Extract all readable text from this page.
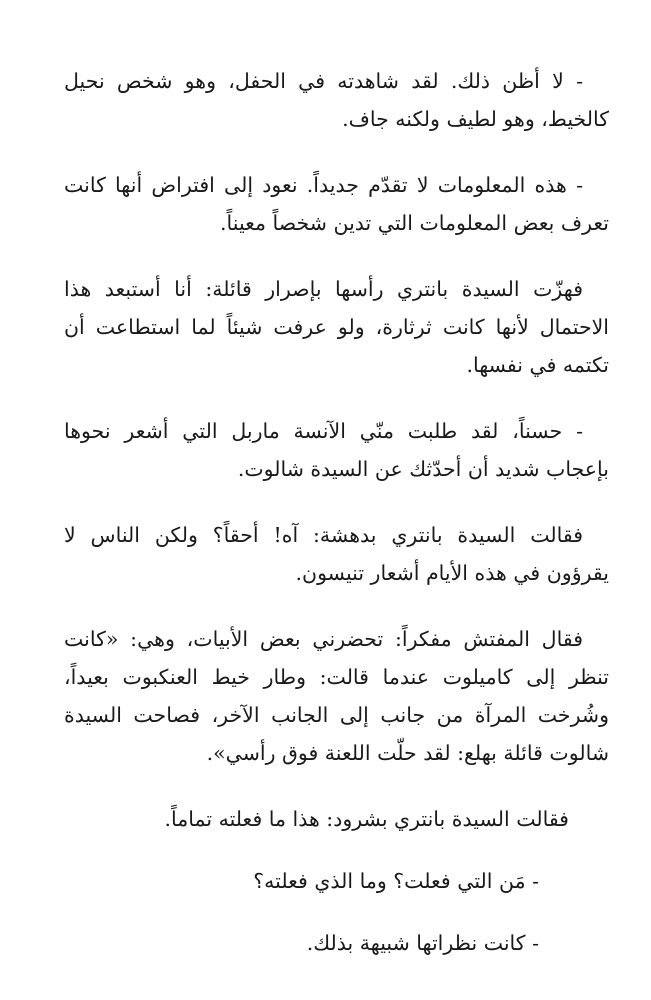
- لا أظن ذلك. لقد شاهدته في الحفل، وهو شخص نحيل كالخيط، وهو لطيف ولكنه جاف.

- هذه المعلومات لا تقدّم جديداً. نعود إلى افتراض أنها كانت تعرف بعض المعلومات التي تدين شخصاً معيناً.

فهزّت السيدة بانتري رأسها بإصرار قائلة: أنا أستبعد هذا الاحتمال لأنها كانت ثرثارة، ولو عرفت شيئاً لما استطاعت أن تكتمه في نفسها.

- حسناً، لقد طلبت منّي الآنسة ماربل التي أشعر نحوها بإعجاب شديد أن أحدّثك عن السيدة شالوت.

فقالت السيدة بانتري بدهشة: آه! أحقاً؟ ولكن الناس لا يقرؤون في هذه الأيام أشعار تنيسون.

فقال المفتش مفكراً: تحضرني بعض الأبيات، وهي: «كانت تنظر إلى كاميلوت عندما قالت: وطار خيط العنكبوت بعيداً، وشُرخت المرآة من جانب إلى الجانب الآخر، فصاحت السيدة شالوت قائلة بهلع: لقد حلّت اللعنة فوق رأسي».

فقالت السيدة بانتري بشرود: هذا ما فعلته تماماً.

- مَن التي فعلت؟ وما الذي فعلته؟

- كانت نظراتها شبيهة بذلك.
